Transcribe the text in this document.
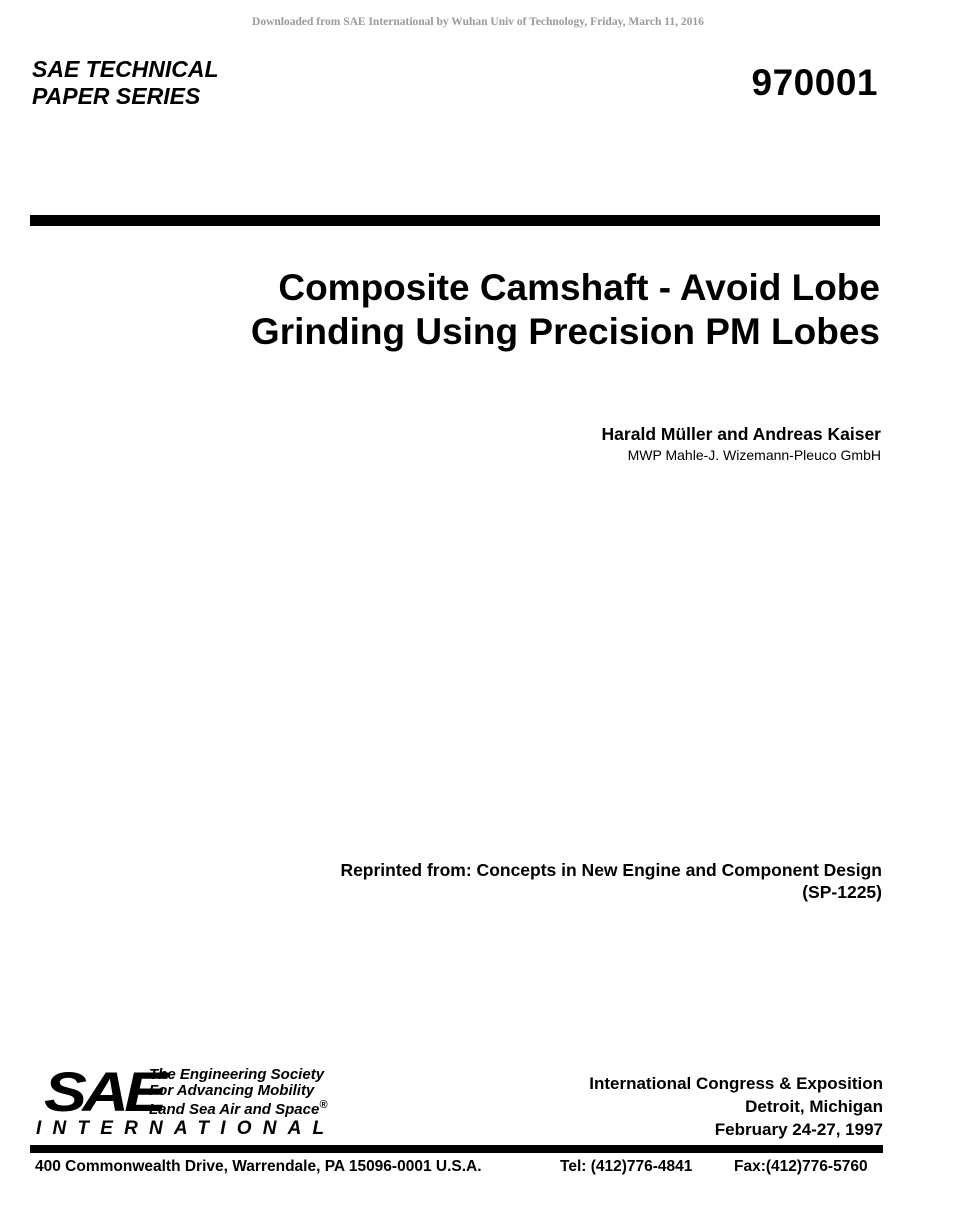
Downloaded from SAE International by Wuhan Univ of Technology, Friday, March 11, 2016
SAE TECHNICAL
PAPER SERIES	970001
Composite Camshaft - Avoid Lobe
Grinding Using Precision PM Lobes
Harald Müller and Andreas Kaiser
MWP Mahle-J. Wizemann-Pleuco GmbH
Reprinted from: Concepts in New Engine and Component Design
(SP-1225)
SAE
The Engineering Society
For Advancing Mobility
Land Sea Air and Space®
INTERNATIONAL
International Congress & Exposition
Detroit, Michigan
February 24-27, 1997
400 Commonwealth Drive, Warrendale, PA 15096-0001 U.S.A.	Tel: (412)776-4841	Fax:(412)776-5760
